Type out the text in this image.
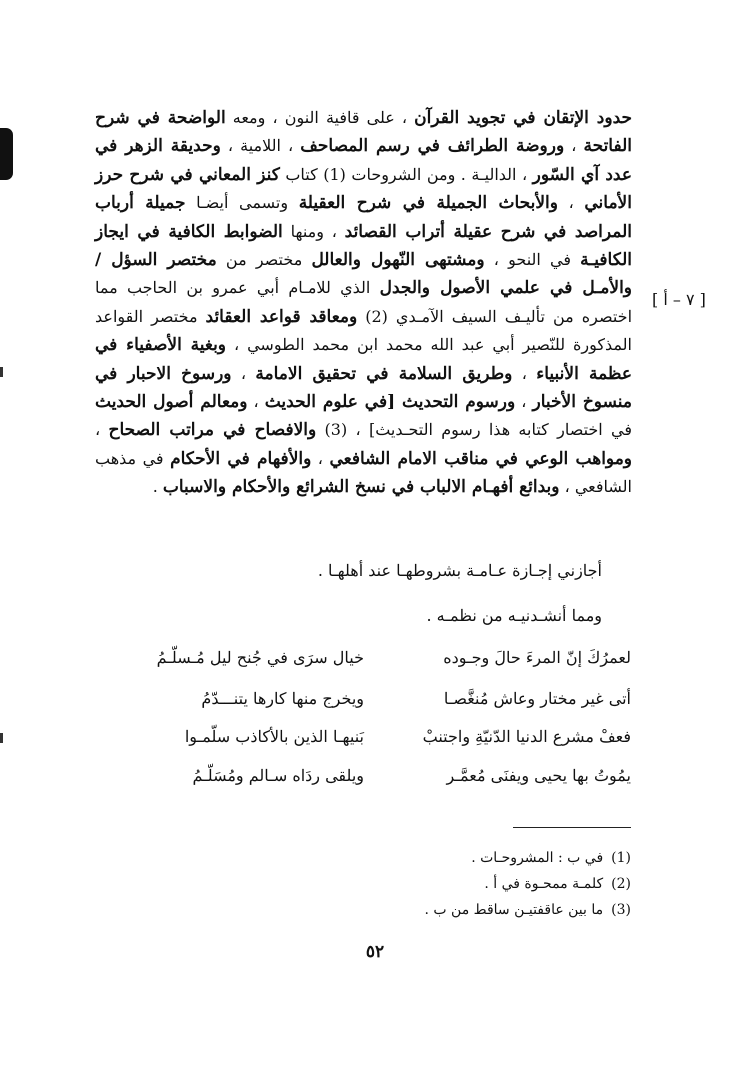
[ ٧ – أ ]
حدود الإتقان في تجويد القرآن ، على قافية النون ، ومعه الواضحة في شرح الفاتحة ، وروضة الطرائف في رسم المصاحف ، اللامية ، وحديقة الزهر في عدد آي السّور ، الداليـة . ومن الشروحات (1) كتاب كنز المعاني في شرح حرز الأماني ، والأبحاث الجميلة في شرح العقيلة وتسمى أيضـا جميلة أرباب المراصد في شرح عقيلة أتراب القصائد ، ومنها الضوابط الكافية في ايجاز الكافيـة في النحو ، ومشتهى النّهول والعالل مختصر من مختصر السؤل / والأمـل في علمي الأصول والجدل الذي للامـام أبي عمرو بن الحاجب مما اختصره من تأليـف السيف الآمـدي (2) ومعاقد قواعد العقائد مختصر القواعد المذكورة للنّصير أبي عبد الله محمد ابن محمد الطوسي ، وبغية الأصفياء في عظمة الأنبياء ، وطريق السلامة في تحقيق الامامة ، ورسوخ الاحبار في منسوخ الأخبار ، ورسوم التحديث [في علوم الحديث ، ومعالم أصول الحديث في اختصار كتابه هذا رسوم التحـديث] ، (3) والافصاح في مراتب الصحاح ، ومواهب الوعي في مناقب الامام الشافعي ، والأفهام في الأحكام في مذهب الشافعي ، وبدائع أفهـام الالباب في نسخ الشرائع والأحكام والاسباب .
أجازني إجـازة عـامـة بشروطهـا عند أهلهـا .
ومما أنشـدنيـه من نظمـه .
لعمرُكَ إنّ المرءَ حالَ وجـوده
خيال سرَى في جُنح ليل مُـسلّـمُ
أتى غير مختار وعاش مُنغَّصـا
ويخرج منها كارها يتنـــدّمُ
فعفْ مشرع الدنيا الدّنيّةِ واجتنبْ
بَنيهـا الذين بالأكاذب سلّمـوا
يمُوتُ بها يحيى ويفنَى مُعمَّـر
ويلقى ردَاه سـالم ومُسَلّـمُ
(1)في ب : المشروحـات .
(2)كلمـة ممحـوة في أ .
(3)ما بين عاقفتيـن ساقط من ب .
٥٢
